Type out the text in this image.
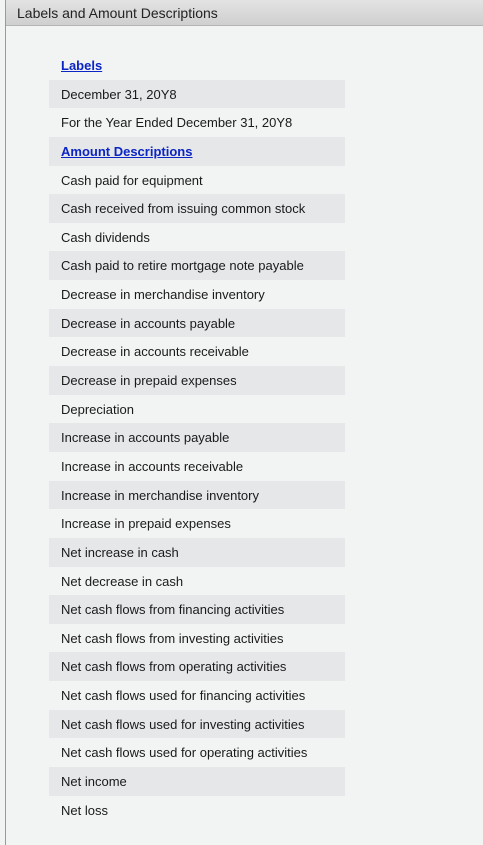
Labels and Amount Descriptions
Labels
December 31, 20Y8
For the Year Ended December 31, 20Y8
Amount Descriptions
Cash paid for equipment
Cash received from issuing common stock
Cash dividends
Cash paid to retire mortgage note payable
Decrease in merchandise inventory
Decrease in accounts payable
Decrease in accounts receivable
Decrease in prepaid expenses
Depreciation
Increase in accounts payable
Increase in accounts receivable
Increase in merchandise inventory
Increase in prepaid expenses
Net increase in cash
Net decrease in cash
Net cash flows from financing activities
Net cash flows from investing activities
Net cash flows from operating activities
Net cash flows used for financing activities
Net cash flows used for investing activities
Net cash flows used for operating activities
Net income
Net loss
